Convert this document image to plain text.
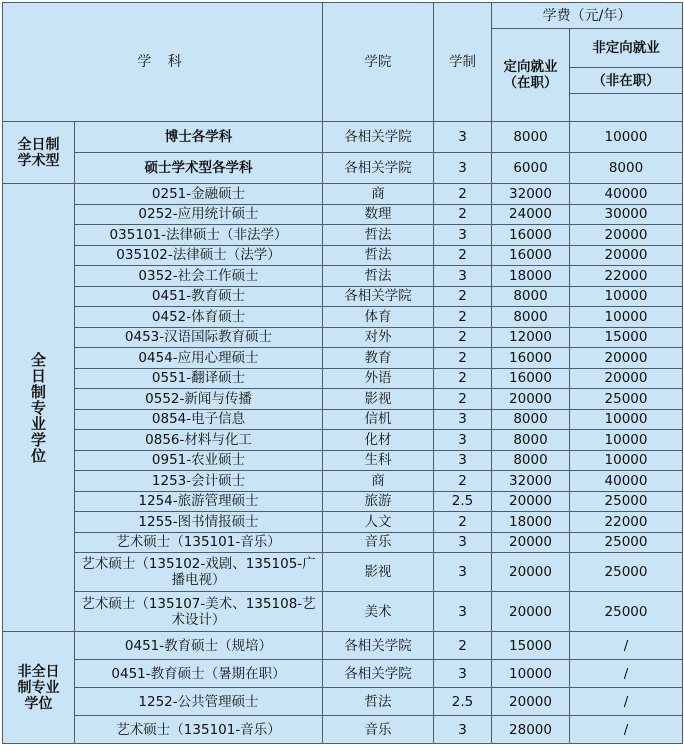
学 科		学院	学制	学费（元/年）	
				定向就业（在职）	非定向就业
					（非在职）

全日制学术型	博士各学科	各相关学院	3	8000	10000
	硕士学术型各学科	各相关学院	3	6000	8000
全日制专业学位	0251-金融硕士	商	2	32000	40000
	0252-应用统计硕士	数理	2	24000	30000
	035101-法律硕士（非法学）	哲法	3	16000	20000
	035102-法律硕士（法学）	哲法	2	16000	20000
	0352-社会工作硕士	哲法	3	18000	22000
	0451-教育硕士	各相关学院	2	8000	10000
	0452-体育硕士	体育	2	8000	10000
	0453-汉语国际教育硕士	对外	2	12000	15000
	0454-应用心理硕士	教育	2	16000	20000
	0551-翻译硕士	外语	2	16000	20000
	0552-新闻与传播	影视	2	20000	25000
	0854-电子信息	信机	3	8000	10000
	0856-材料与化工	化材	3	8000	10000
	0951-农业硕士	生科	3	8000	10000
	1253-会计硕士	商	2	32000	40000
	1254-旅游管理硕士	旅游	2.5	20000	25000
	1255-图书情报硕士	人文	2	18000	22000
	艺术硕士（135101-音乐）	音乐	3	20000	25000
	艺术硕士（135102-戏剧、135105-广播电视）	影视	3	20000	25000
	艺术硕士（135107-美术、135108-艺术设计）	美术	3	20000	25000
非全日制专业学位	0451-教育硕士（规培）	各相关学院	2	15000	/
	0451-教育硕士（暑期在职）	各相关学院	3	10000	/
	1252-公共管理硕士	哲法	2.5	20000	/
	艺术硕士（135101-音乐）	音乐	3	28000	/
